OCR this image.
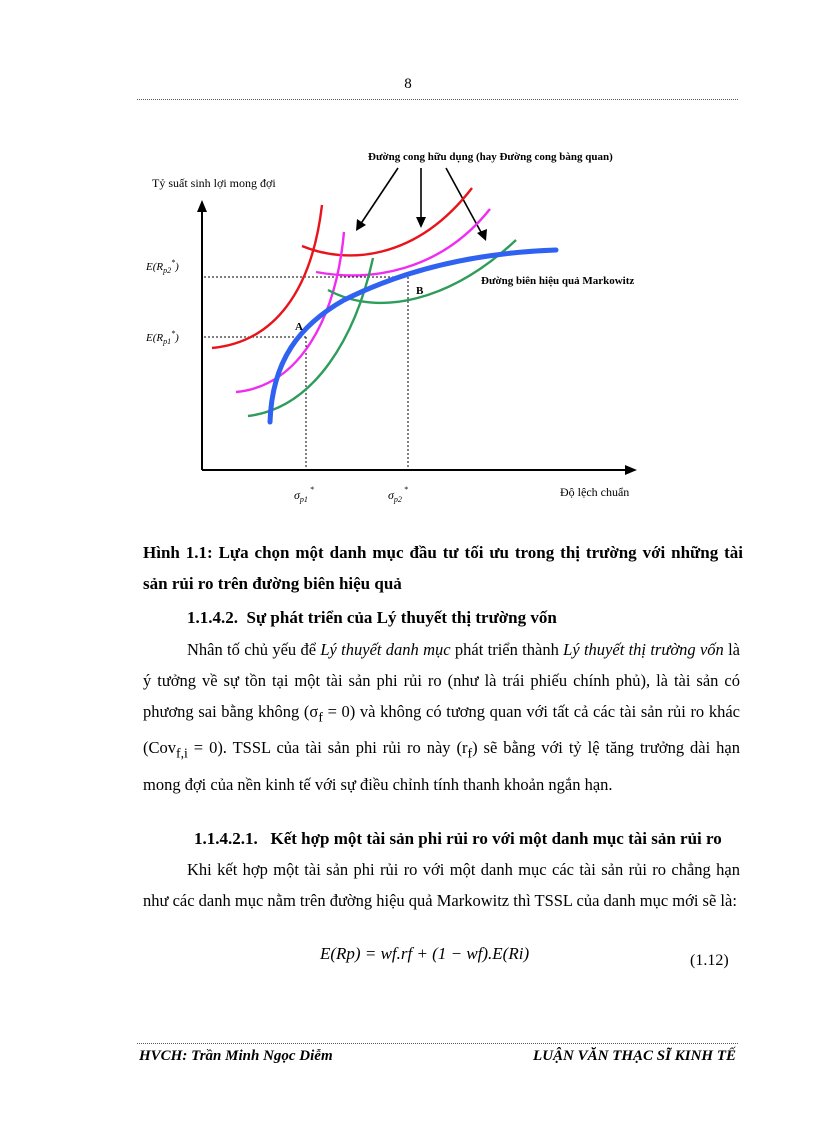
8
Đường cong hữu dụng (hay Đường cong bàng quan)
Tỷ suất sinh lợi mong đợi
Đường biên hiệu quả Markowitz
A
B
$E(R_{p2}^*)$
$E(R_{p1}^*)$
$\sigma_{p1}^*$	$\sigma_{p2}^*$	Độ lệch chuẩn
Hình 1.1: Lựa chọn một danh mục đầu tư tối ưu trong thị trường với những tài sản rủi ro trên đường biên hiệu quả
1.1.4.2. Sự phát triển của Lý thuyết thị trường vốn
Nhân tố chủ yếu để Lý thuyết danh mục phát triển thành Lý thuyết thị trường vốn là ý tưởng về sự tồn tại một tài sản phi rủi ro (như là trái phiếu chính phủ), là tài sản có phương sai bằng không $(\sigma_f = 0)$ và không có tương quan với tất cả các tài sản rủi ro khác (Cov$_{f,i}$ = 0). TSSL của tài sản phi rủi ro này $(r_f)$ sẽ bằng với tỷ lệ tăng trưởng dài hạn mong đợi của nền kinh tế với sự điều chỉnh tính thanh khoản ngắn hạn.
1.1.4.2.1. Kết hợp một tài sản phi rủi ro với một danh mục tài sản rủi ro
Khi kết hợp một tài sản phi rủi ro với một danh mục các tài sản rủi ro chẳng hạn như các danh mục nằm trên đường hiệu quả Markowitz thì TSSL của danh mục mới sẽ là:
E(Rp) = wf.rf + (1 − wf).E(Ri)	(1.12)
HVCH: Trần Minh Ngọc Diễm	LUẬN VĂN THẠC SĨ KINH TẾ
